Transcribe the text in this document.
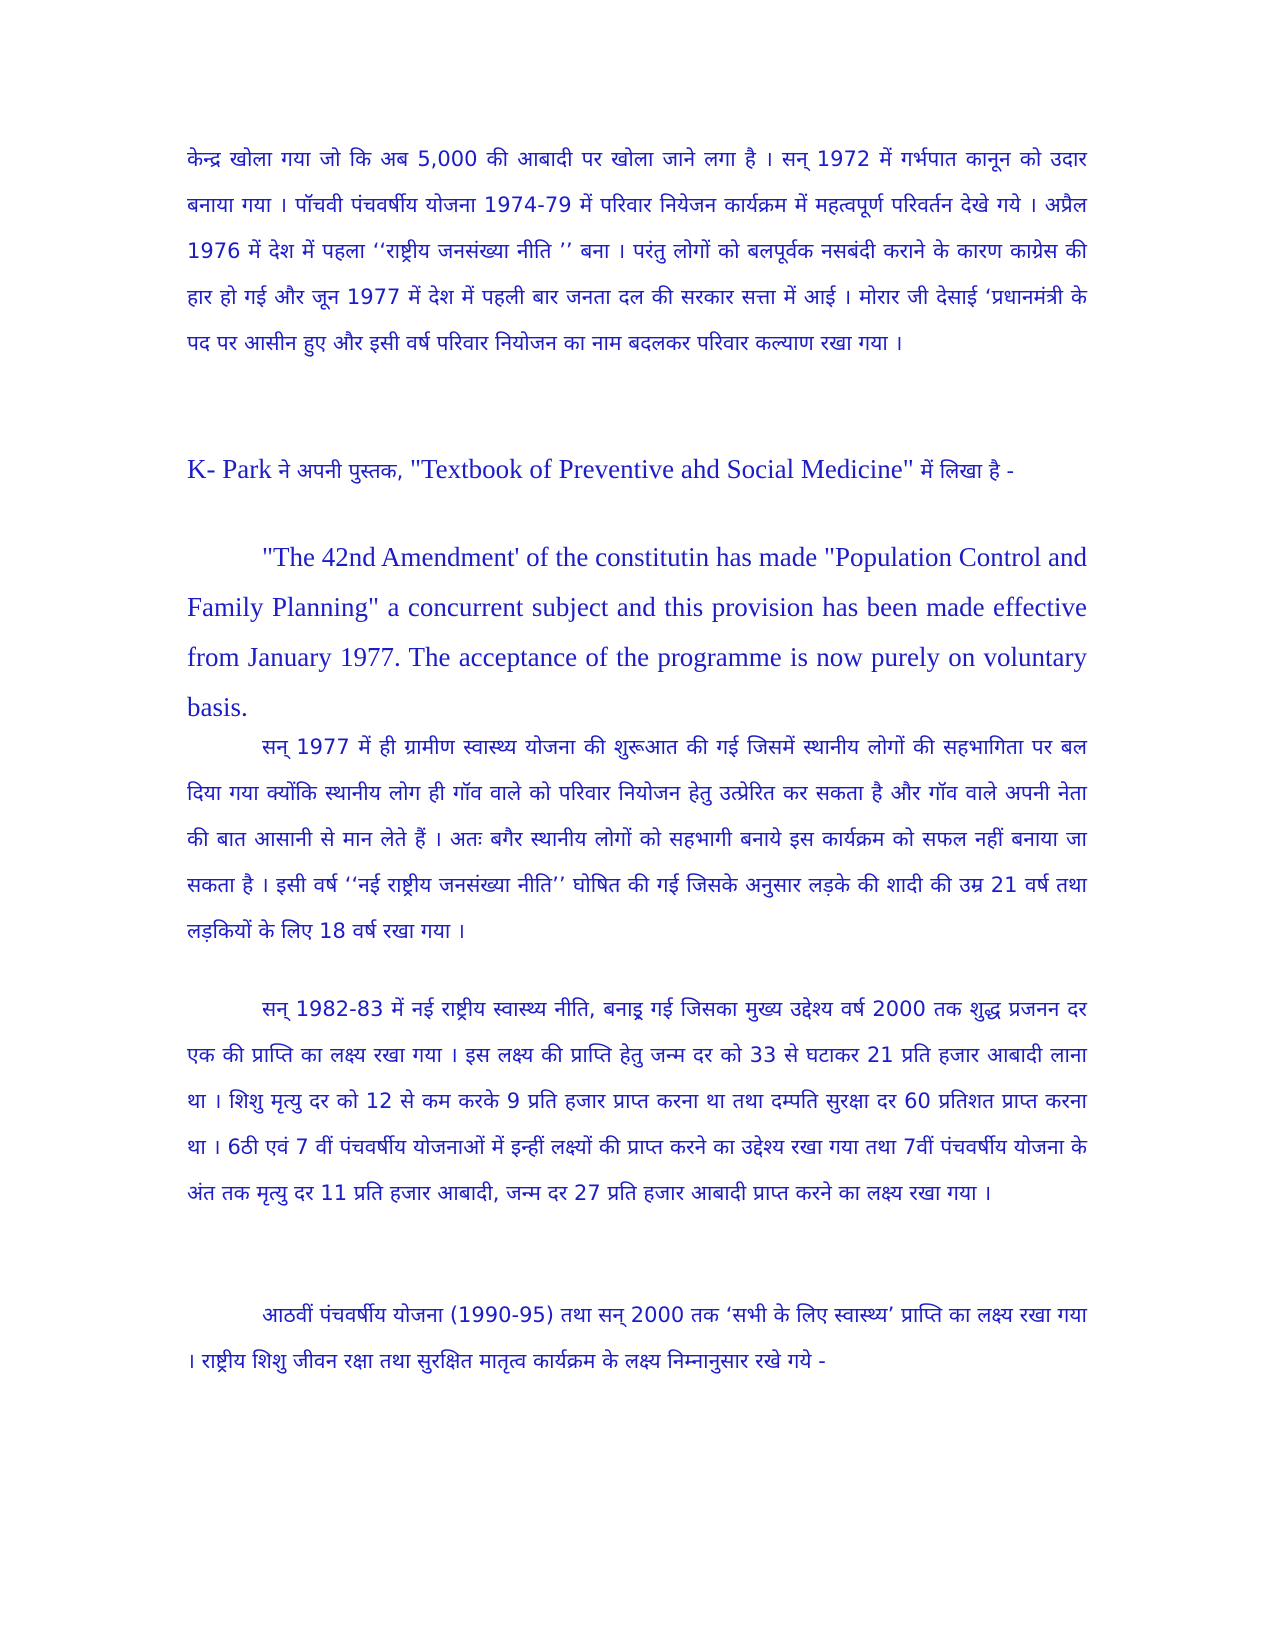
केन्द्र खोला गया जो कि अब 5,000 की आबादी पर खोला जाने लगा है । सन् 1972 में गर्भपात कानून को उदार बनाया गया । पॉचवी पंचवर्षीय योजना 1974-79 में परिवार नियेजन कार्यक्रम में महत्वपूर्ण परिवर्तन देखे गये । अप्रैल 1976 में देश में पहला ‘‘राष्ट्रीय जनसंख्या नीति ’’ बना । परंतु लोगों को बलपूर्वक नसबंदी कराने के कारण काग्रेस की हार हो गई और जून 1977 में देश में पहली बार जनता दल की सरकार सत्ता में आई । मोरार जी देसाई ‘प्रधानमंत्री के पद पर आसीन हुए और इसी वर्ष परिवार नियोजन का नाम बदलकर परिवार कल्याण रखा गया ।

K- Park ने अपनी पुस्तक, "Textbook of Preventive ahd Social Medicine" में लिखा है -

"The 42nd Amendment' of the constitutin has made "Population Control and Family Planning" a concurrent subject and this provision has been made effective from January 1977. The acceptance of the programme is now purely on voluntary basis.

सन् 1977 में ही ग्रामीण स्वास्थ्य योजना की शुरूआत की गई जिसमें स्थानीय लोगों की सहभागिता पर बल दिया गया क्योंकि स्थानीय लोग ही गॉव वाले को परिवार नियोजन हेतु उत्प्रेरित कर सकता है और गॉव वाले अपनी नेता की बात आसानी से मान लेते हैं । अतः बगैर स्थानीय लोगों को सहभागी बनाये इस कार्यक्रम को सफल नहीं बनाया जा सकता है । इसी वर्ष ‘‘नई राष्ट्रीय जनसंख्या नीति’’ घोषित की गई जिसके अनुसार लड़के की शादी की उम्र 21 वर्ष तथा लड़कियों के लिए 18 वर्ष रखा गया ।

सन् 1982-83 में नई राष्ट्रीय स्वास्थ्य नीति, बनाइ्र गई जिसका मुख्य उद्देश्य वर्ष 2000 तक शुद्ध प्रजनन दर एक की प्राप्ति का लक्ष्य रखा गया । इस लक्ष्य की प्राप्ति हेतु जन्म दर को 33 से घटाकर 21 प्रति हजार आबादी लाना था । शिशु मृत्यु दर को 12 से कम करके 9 प्रति हजार प्राप्त करना था तथा दम्पति सुरक्षा दर 60 प्रतिशत प्राप्त करना था । 6ठी एवं 7 वीं पंचवर्षीय योजनाओं में इन्हीं लक्ष्यों की प्राप्त करने का उद्देश्य रखा गया तथा 7वीं पंचवर्षीय योजना के अंत तक मृत्यु दर 11 प्रति हजार आबादी, जन्म दर 27 प्रति हजार आबादी प्राप्त करने का लक्ष्य रखा गया ।

आठवीं पंचवर्षीय योजना (1990-95) तथा सन् 2000 तक ‘सभी के लिए स्वास्थ्य’ प्राप्ति का लक्ष्य रखा गया । राष्ट्रीय शिशु जीवन रक्षा तथा सुरक्षित मातृत्व कार्यक्रम के लक्ष्य निम्नानुसार रखे गये -
